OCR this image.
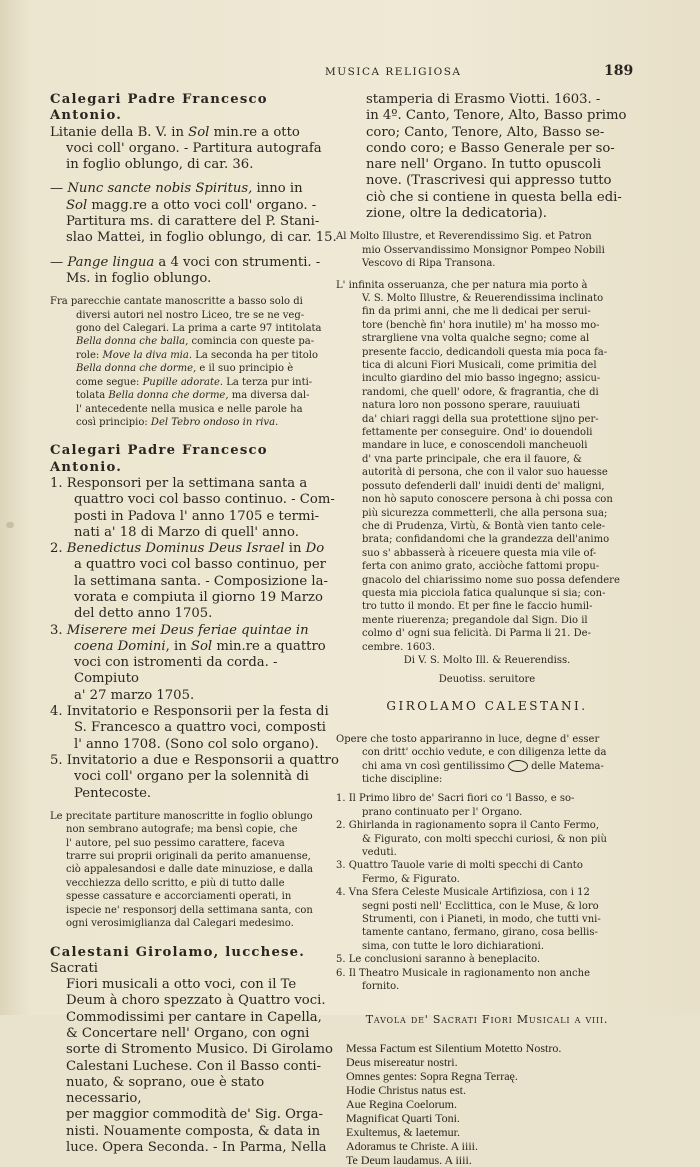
MUSICA RELIGIOSA	189

Calegari Padre Francesco Antonio.

Litanie della B. V. in Sol min.re a otto
voci coll' organo. - Partitura autografa
in foglio oblungo, di car. 36.

— Nunc sancte nobis Spiritus, inno in
Sol magg.re a otto voci coll' organo. -
Partitura ms. di carattere del P. Stani-
slao Mattei, in foglio oblungo, di car. 15.

— Pange lingua a 4 voci con strumenti. -
Ms. in foglio oblungo.

Fra parecchie cantate manoscritte a basso solo di
diversi autori nel nostro Liceo, tre se ne veg-
gono del Calegari. La prima a carte 97 intitolata
Bella donna che balla, comincia con queste pa-
role: Move la diva mia. La seconda ha per titolo
Bella donna che dorme, e il suo principio è
come segue: Pupille adorate. La terza pur inti-
tolata Bella donna che dorme, ma diversa dal-
l' antecedente nella musica e nelle parole ha
così principio: Del Tebro ondoso in riva.

Calegari Padre Francesco Antonio.

1. Responsori per la settimana santa a
quattro voci col basso continuo. - Com-
posti in Padova l' anno 1705 e termi-
nati a' 18 di Marzo di quell' anno.

2. Benedictus Dominus Deus Israel in Do
a quattro voci col basso continuo, per
la settimana santa. - Composizione la-
vorata e compiuta il giorno 19 Marzo
del detto anno 1705.

3. Miserere mei Deus feriae quintae in
coena Domini, in Sol min.re a quattro
voci con istromenti da corda. - Compiuto
a' 27 marzo 1705.

4. Invitatorio e Responsorii per la festa di
S. Francesco a quattro voci, composti
l' anno 1708. (Sono col solo organo).

5. Invitatorio a due e Responsorii a quattro
voci coll' organo per la solennità di
Pentecoste.

Le precitate partiture manoscritte in foglio oblungo
non sembrano autografe; ma bensì copie, che
l' autore, pel suo pessimo carattere, faceva
trarre sui proprii originali da perito amanuense,
ciò appalesandosi e dalle date minuziose, e dalla
vecchiezza dello scritto, e più di tutto dalle
spesse cassature e accorciamenti operati, in
ispecie ne' responsorj della settimana santa, con
ogni verosimiglianza dal Calegari medesimo.

Calestani Girolamo, lucchese. Sacrati

Fiori musicali a otto voci, con il Te
Deum à choro spezzato à Quattro voci.
Commodissimi per cantare in Capella,
& Concertare nell' Organo, con ogni
sorte di Stromento Musico. Di Girolamo
Calestani Luchese. Con il Basso conti-
nuato, & soprano, oue è stato necessario,
per maggior commodità de' Sig. Orga-
nisti. Nouamente composta, & data in
luce. Opera Seconda. - In Parma, Nella

stamperia di Erasmo Viotti. 1603. -
in 4º. Canto, Tenore, Alto, Basso primo
coro; Canto, Tenore, Alto, Basso se-
condo coro; e Basso Generale per so-
nare nell' Organo. In tutto opuscoli
nove. (Trascrivesi qui appresso tutto
ciò che si contiene in questa bella edi-
zione, oltre la dedicatoria).

Al Molto Illustre, et Reverendissimo Sig. et Patron
mio Osservandissimo Monsignor Pompeo Nobili
Vescovo di Ripa Transona.

L' infinita osseruanza, che per natura mia porto à
V. S. Molto Illustre, & Reuerendissima inclinato
fin da primi anni, che me li dedicai per serui-
tore (benchè fin' hora inutile) m' ha mosso mo-
strargliene vna volta qualche segno; come al
presente faccio, dedicandoli questa mia poca fa-
tica di alcuni Fiori Musicali, come primitia del
inculto giardino del mio basso ingegno; assicu-
randomi, che quell' odore, & fragrantia, che di
natura loro non possono sperare, rauuiuati
da' chiari raggi della sua protettione sijno per-
fettamente per conseguire. Ond' io douendoli
mandare in luce, e conoscendoli mancheuoli
d' vna parte principale, che era il fauore, &
autorità di persona, che con il valor suo hauesse
possuto defenderli dall' inuidi denti de' maligni,
non hò saputo conoscere persona à chi possa con
più sicurezza commetterli, che alla persona sua;
che di Prudenza, Virtù, & Bontà vien tanto cele-
brata; confidandomi che la grandezza dell'animo
suo s' abbasserà à riceuere questa mia vile of-
ferta con animo grato, acciòche fattomi propu-
gnacolo del chiarissimo nome suo possa defendere
questa mia picciola fatica qualunque si sia; con-
tro tutto il mondo. Et per fine le faccio humil-
mente riuerenza; pregandole dal Sign. Dio il
colmo d' ogni sua felicità. Di Parma li 21. De-
cembre. 1603.

Di V. S. Molto Ill. & Reuerendiss.

Deuotiss. seruitore

GIROLAMO CALESTANI.

Opere che tosto appariranno in luce, degne d' esser
con dritt' occhio vedute, e con diligenza lette da
chi ama vn così gentilissimo  delle Matema-
tiche discipline:

1. Il Primo libro de' Sacri fiori co 'l Basso, e so-
prano continuato per l' Organo.

2. Ghirlanda in ragionamento sopra il Canto Fermo,
& Figurato, con molti specchi curiosi, & non più
veduti.

3. Quattro Tauole varie di molti specchi di Canto
Fermo, & Figurato.

4. Vna Sfera Celeste Musicale Artifiziosa, con i 12
segni posti nell' Ecclittica, con le Muse, & loro
Strumenti, con i Pianeti, in modo, che tutti vni-
tamente cantano, fermano, girano, cosa bellis-
sima, con tutte le loro dichiarationi.

5. Le conclusioni saranno à beneplacito.

6. Il Theatro Musicale in ragionamento non anche
fornito.

Tavola de' Sacrati Fiori Musicali a viii.

Messa Factum est Silentium Motetto Nostro.
Deus misereatur nostri.
Omnes gentes: Sopra Regna Terraę.
Hodie Christus natus est.
Aue Regina Coelorum.
Magnificat Quarti Toni.
Exultemus, & laetemur.
Adoramus te Christe. A iiii.
Te Deum laudamus. A iiii.
